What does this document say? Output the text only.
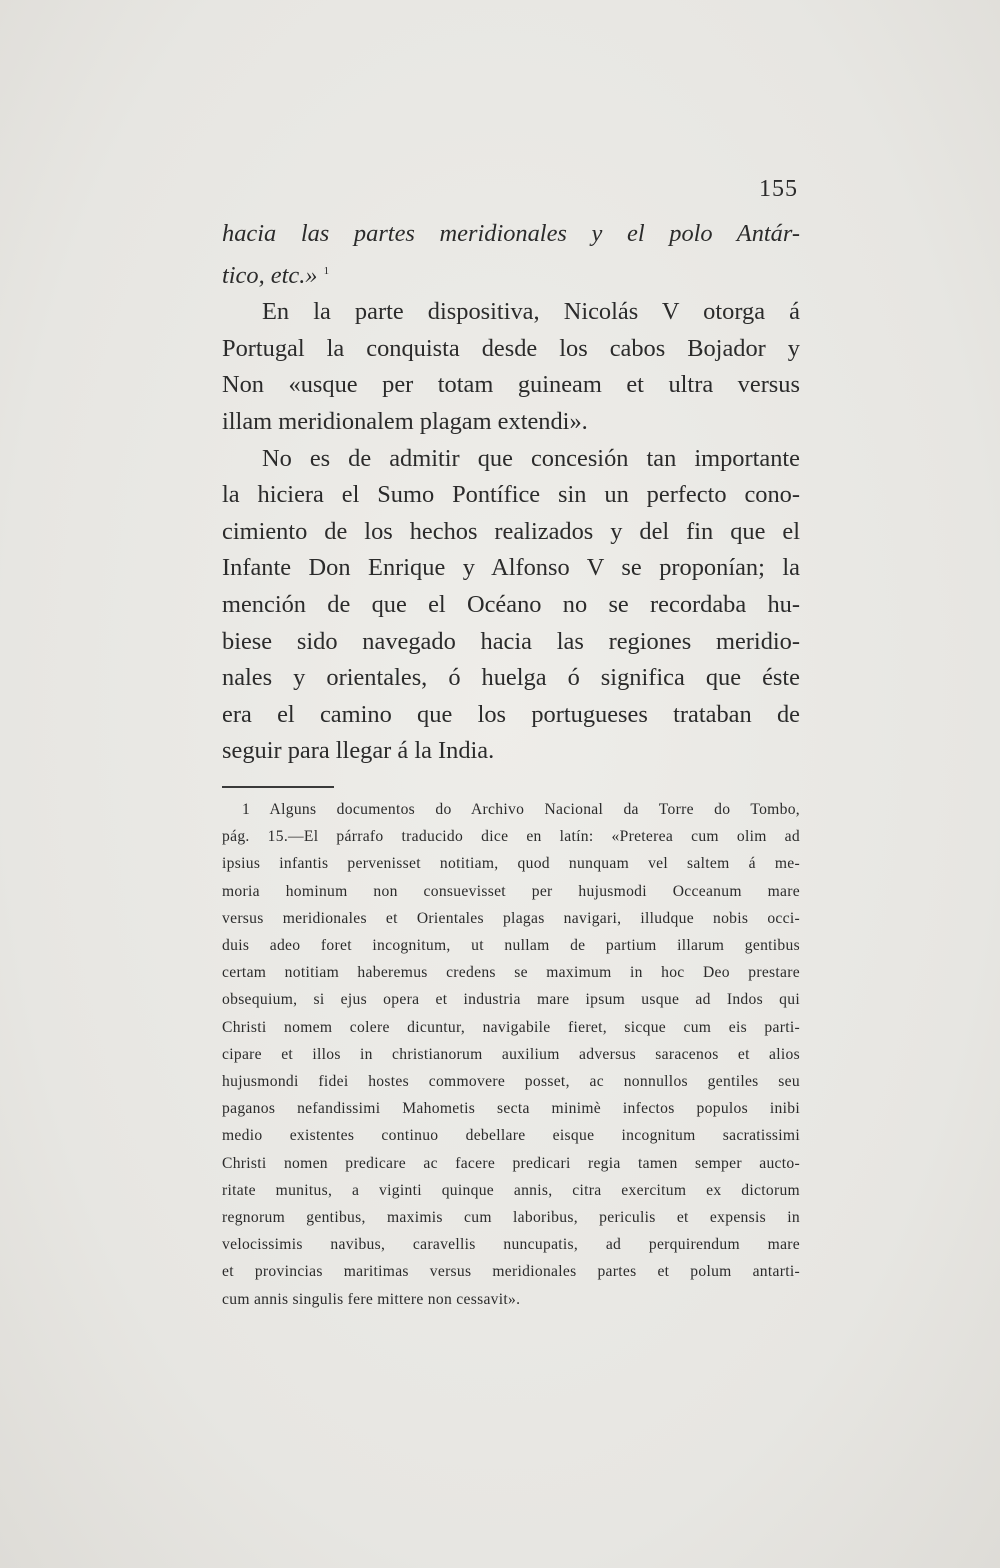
155
hacia las partes meridionales y el polo Antár-
tico, etc.» $^1$
En la parte dispositiva, Nicolás V otorga á
Portugal la conquista desde los cabos Bojador y
Non «usque per totam guineam et ultra versus
illam meridionalem plagam extendi».
No es de admitir que concesión tan importante
la hiciera el Sumo Pontífice sin un perfecto cono-
cimiento de los hechos realizados y del fin que el
Infante Don Enrique y Alfonso V se proponían; la
mención de que el Océano no se recordaba hu-
biese sido navegado hacia las regiones meridio-
nales y orientales, ó huelga ó significa que éste
era el camino que los portugueses trataban de
seguir para llegar á la India.
1 Alguns documentos do Archivo Nacional da Torre do Tombo,
pág. 15.—El párrafo traducido dice en latín: «Preterea cum olim ad
ipsius infantis pervenisset notitiam, quod nunquam vel saltem á me-
moria hominum non consuevisset per hujusmodi Occeanum mare
versus meridionales et Orientales plagas navigari, illudque nobis occi-
duis adeo foret incognitum, ut nullam de partium illarum gentibus
certam notitiam haberemus credens se maximum in hoc Deo prestare
obsequium, si ejus opera et industria mare ipsum usque ad Indos qui
Christi nomem colere dicuntur, navigabile fieret, sicque cum eis parti-
cipare et illos in christianorum auxilium adversus saracenos et alios
hujusmondi fidei hostes commovere posset, ac nonnullos gentiles seu
paganos nefandissimi Mahometis secta minimè infectos populos inibi
medio existentes continuo debellare eisque incognitum sacratissimi
Christi nomen predicare ac facere predicari regia tamen semper aucto-
ritate munitus, a viginti quinque annis, citra exercitum ex dictorum
regnorum gentibus, maximis cum laboribus, periculis et expensis in
velocissimis navibus, caravellis nuncupatis, ad perquirendum mare
et provincias maritimas versus meridionales partes et polum antarti-
cum annis singulis fere mittere non cessavit».
